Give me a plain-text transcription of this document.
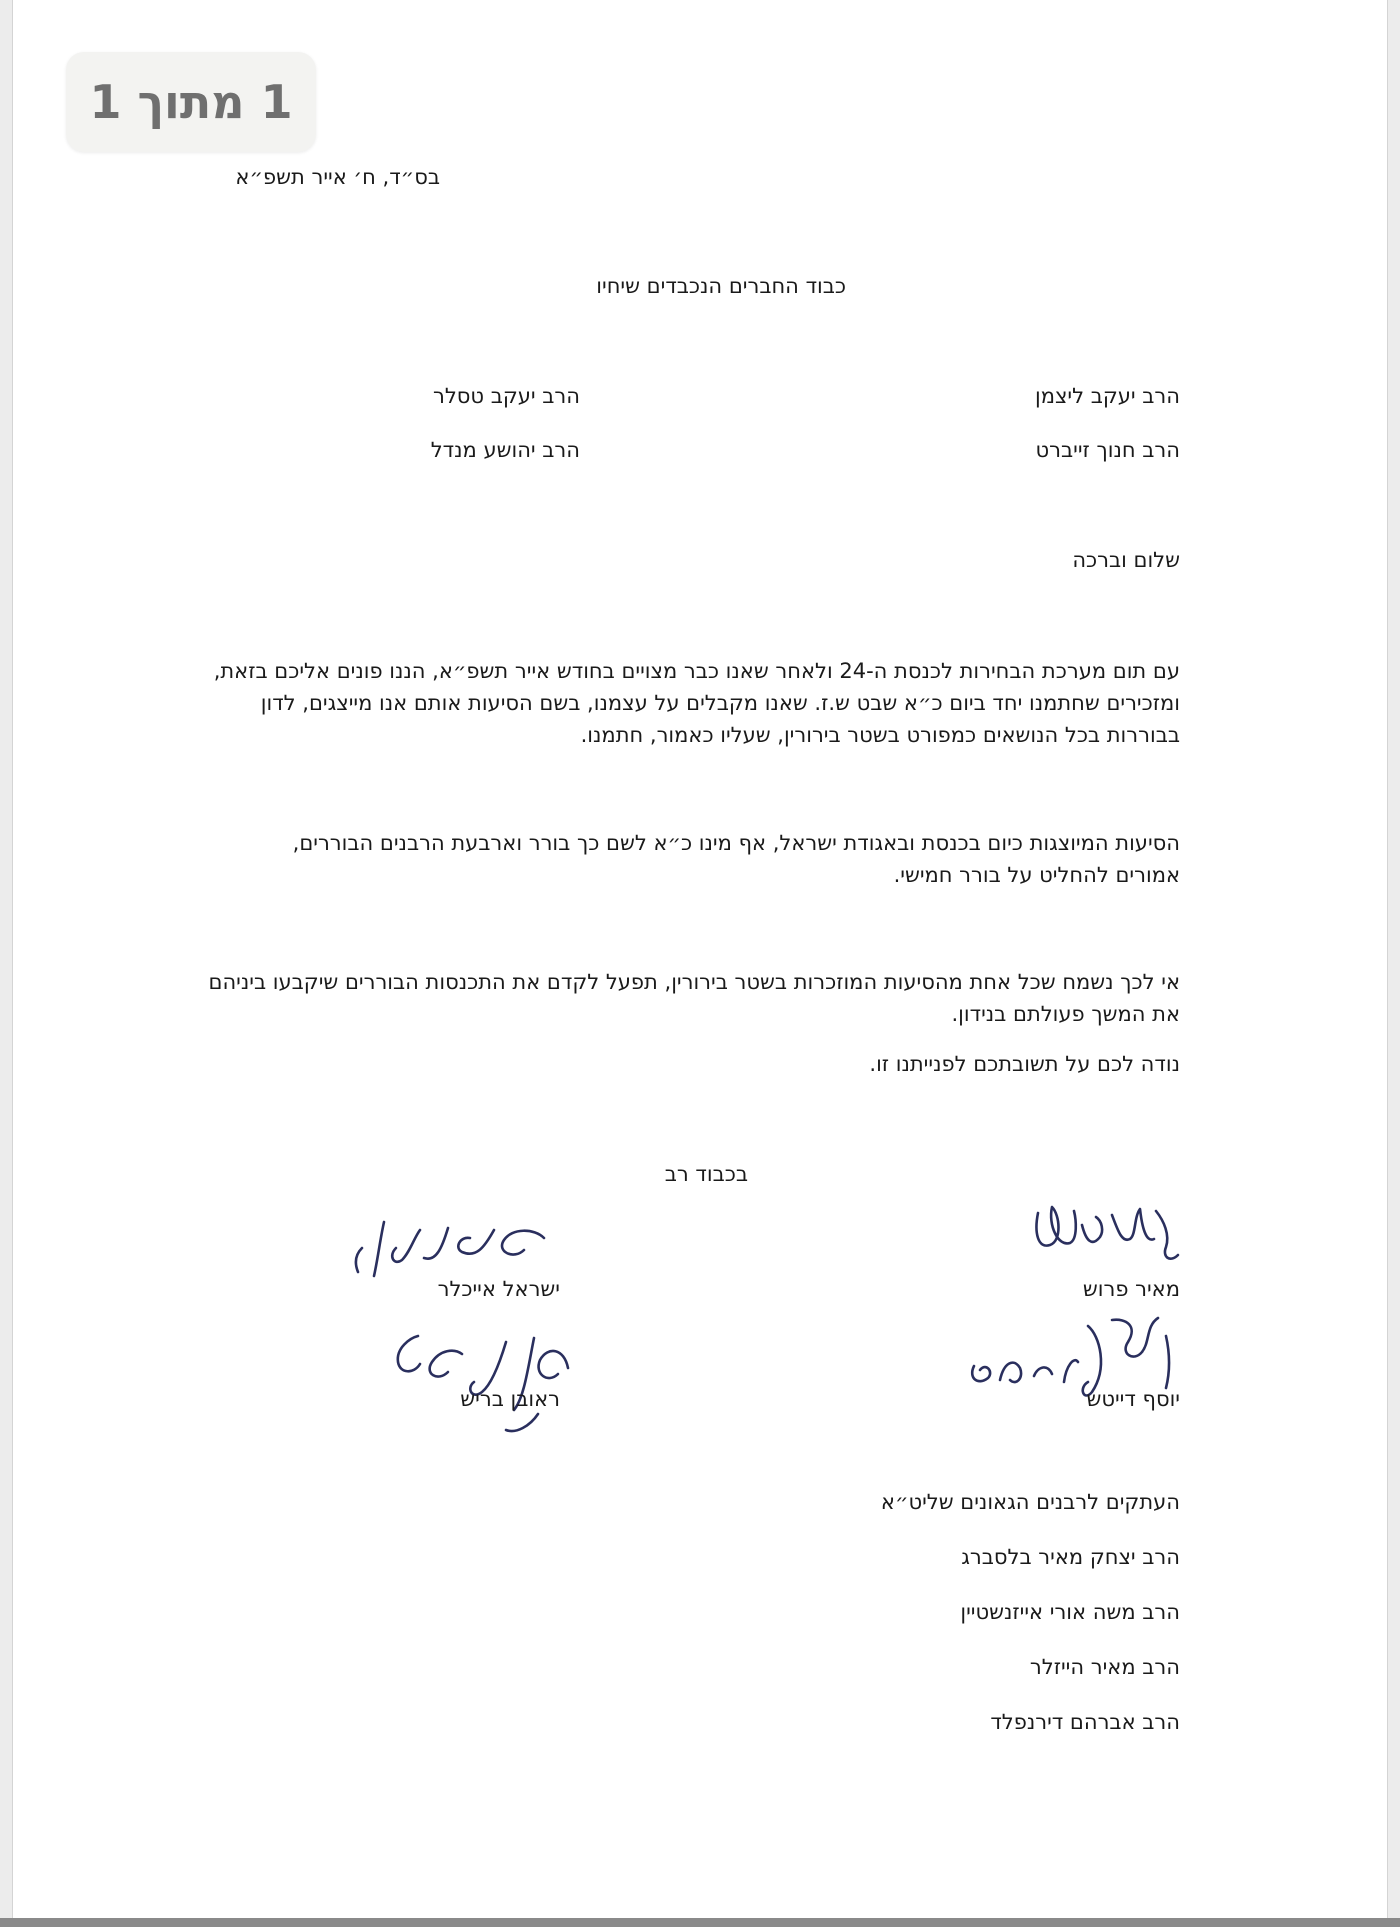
1 מתוך 1

בס״ד, ח׳ אייר תשפ״א

כבוד החברים הנכבדים שיחיו

הרב יעקב ליצמן

הרב חנוך זייברט

הרב יעקב טסלר

הרב יהושע מנדל

שלום וברכה

עם תום מערכת הבחירות לכנסת ה-24 ולאחר שאנו כבר מצויים בחודש אייר תשפ״א, הננו פונים אליכם בזאת, ומזכירים שחתמנו יחד ביום כ״א שבט ש.ז. שאנו מקבלים על עצמנו, בשם הסיעות אותם אנו מייצגים, לדון בבוררות בכל הנושאים כמפורט בשטר בירורין, שעליו כאמור, חתמנו.

הסיעות המיוצגות כיום בכנסת ובאגודת ישראל, אף מינו כ״א לשם כך בורר וארבעת הרבנים הבוררים, אמורים להחליט על בורר חמישי.

אי לכך נשמח שכל אחת מהסיעות המוזכרות בשטר בירורין, תפעל לקדם את התכנסות הבוררים שיקבעו ביניהם את המשך פעולתם בנידון.

נודה לכם על תשובתכם לפנייתנו זו.

בכבוד רב

מאיר פרוש

יוסף דייטש

ישראל אייכלר

ראובן בריש

העתקים לרבנים הגאונים שליט״א

הרב יצחק מאיר בלסברג

הרב משה אורי אייזנשטיין

הרב מאיר הייזלר

הרב אברהם דירנפלד
